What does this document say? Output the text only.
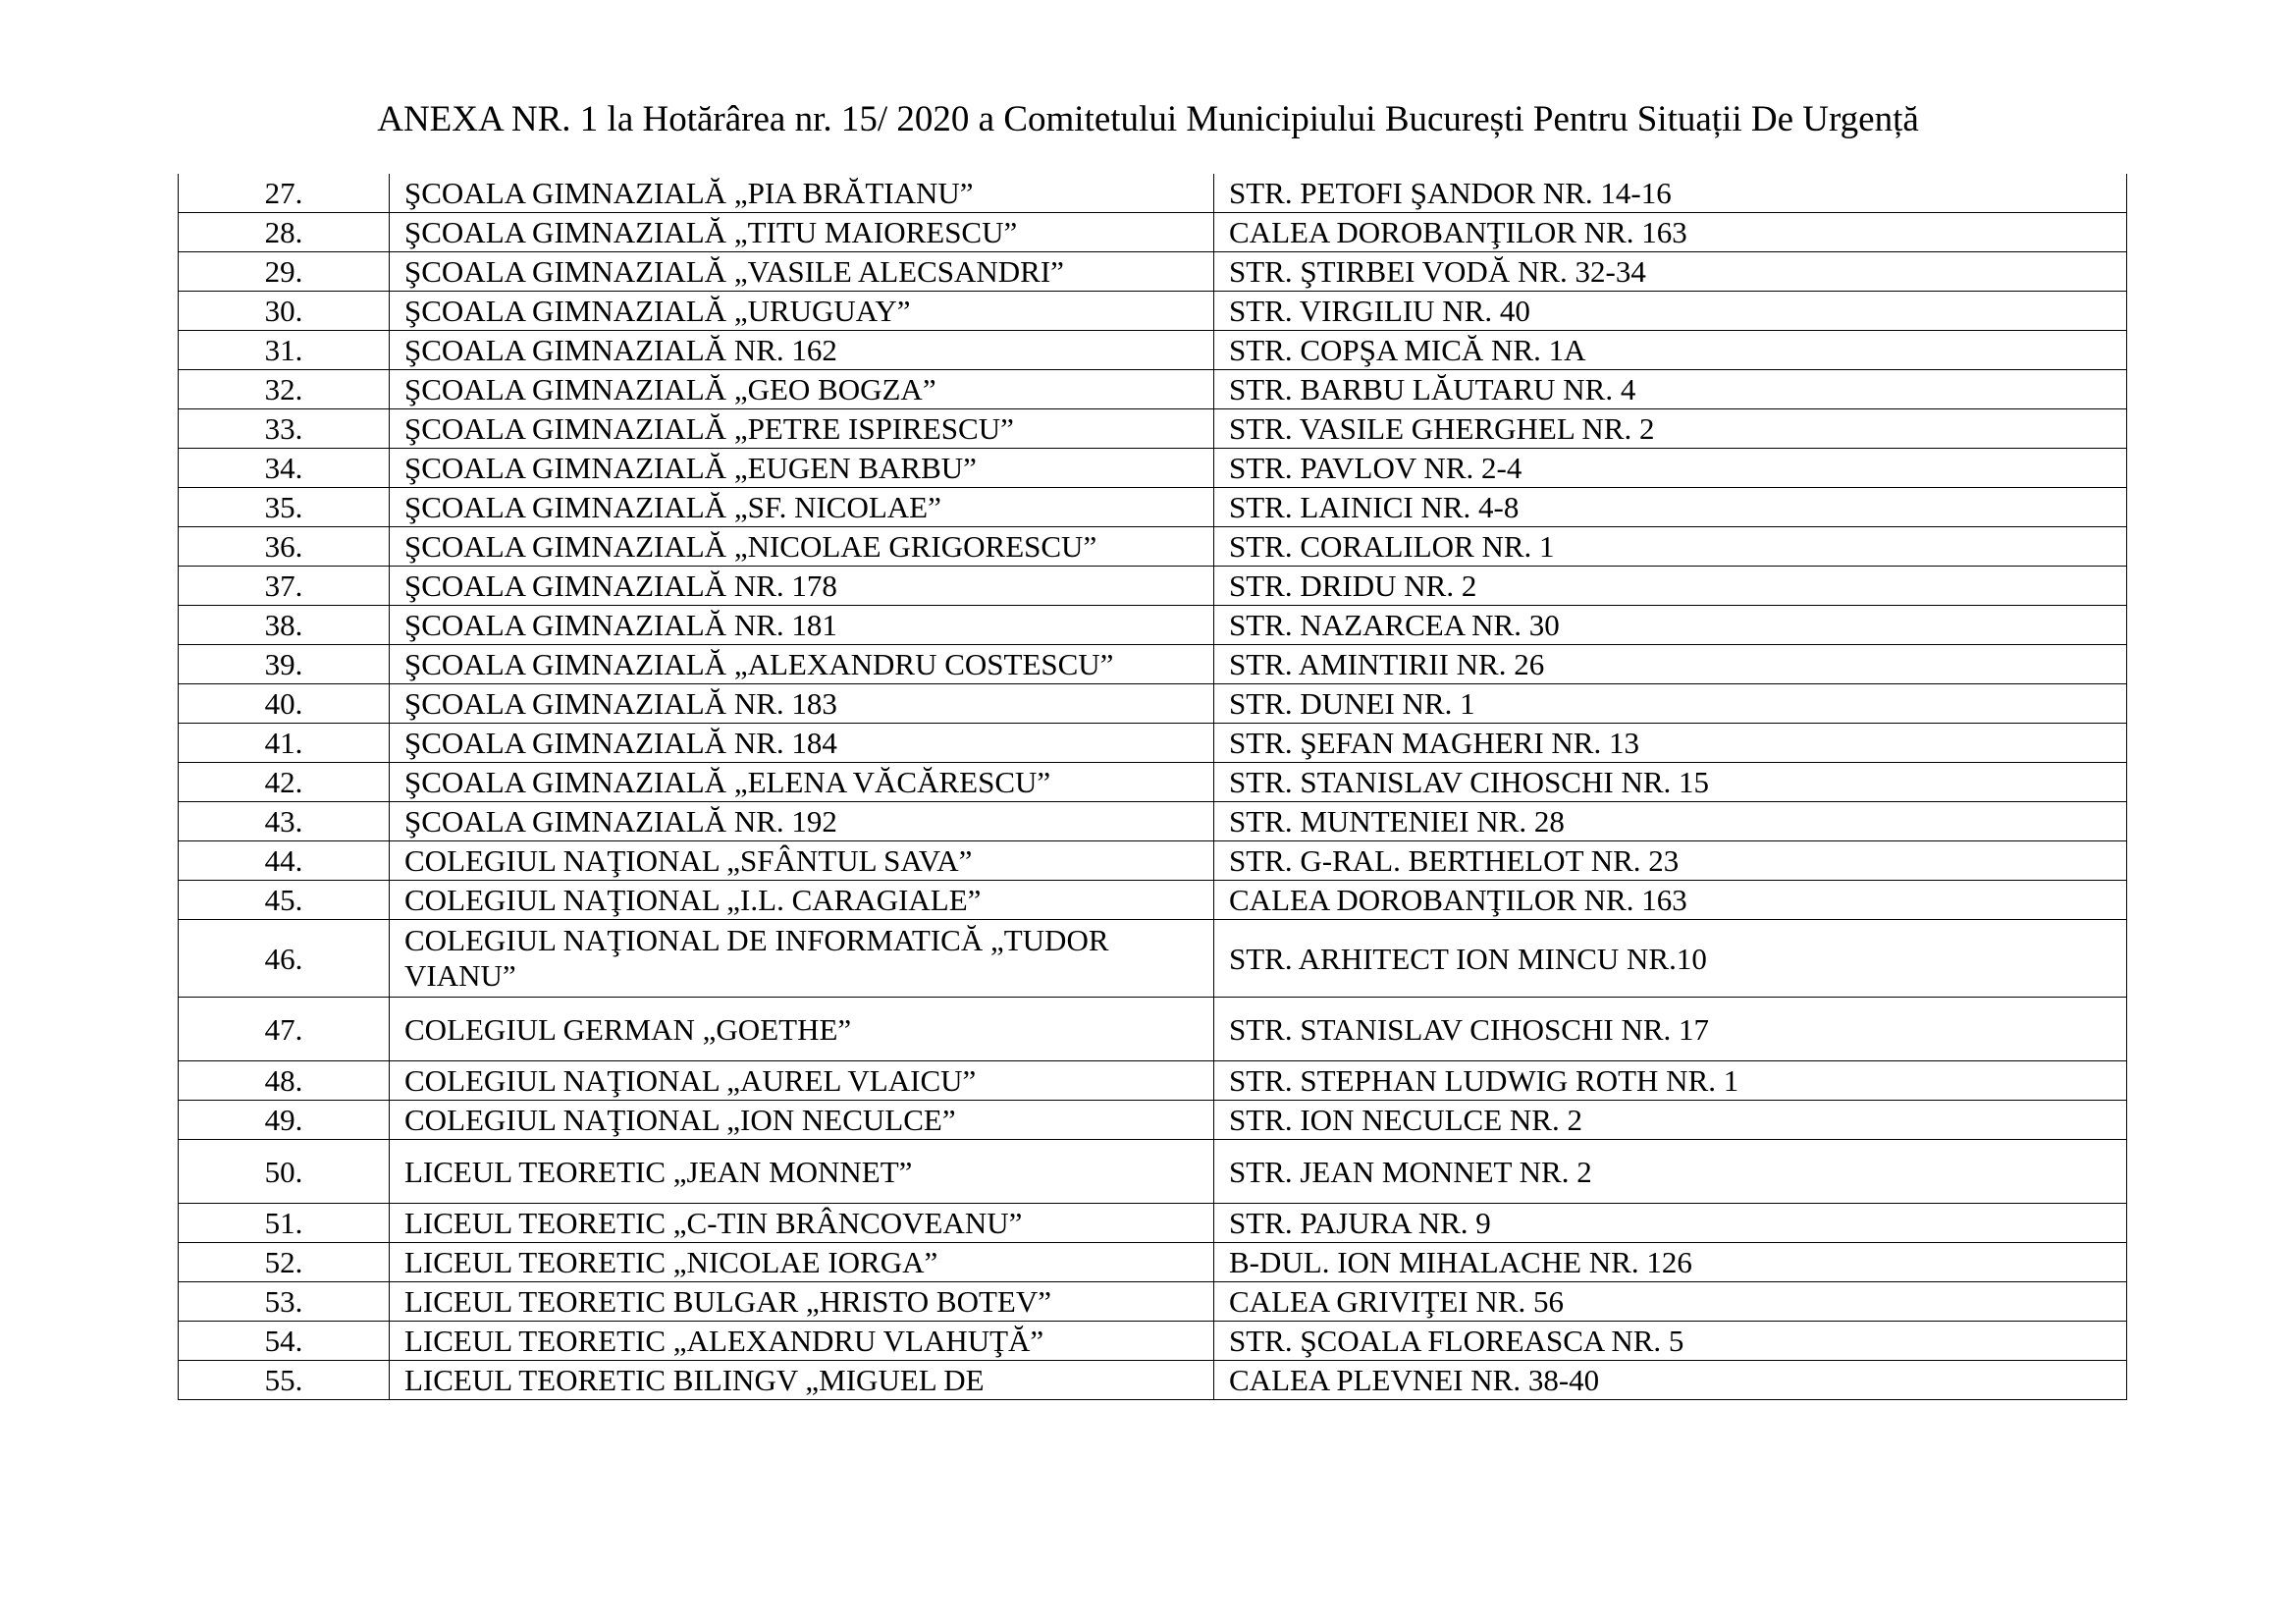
ANEXA NR. 1 la Hotărârea nr. 15/ 2020 a Comitetului Municipiului București Pentru Situații De Urgență
27.	ŞCOALA GIMNAZIALĂ „PIA BRĂTIANU”	STR. PETOFI ŞANDOR NR. 14-16
28.	ŞCOALA GIMNAZIALĂ „TITU MAIORESCU”	CALEA DOROBANŢILOR NR. 163
29.	ŞCOALA GIMNAZIALĂ „VASILE ALECSANDRI”	STR. ŞTIRBEI VODĂ NR. 32-34
30.	ŞCOALA GIMNAZIALĂ „URUGUAY”	STR. VIRGILIU NR. 40
31.	ŞCOALA GIMNAZIALĂ NR. 162	STR. COPŞA MICĂ NR. 1A
32.	ŞCOALA GIMNAZIALĂ „GEO BOGZA”	STR. BARBU LĂUTARU NR. 4
33.	ŞCOALA GIMNAZIALĂ „PETRE ISPIRESCU”	STR. VASILE GHERGHEL NR. 2
34.	ŞCOALA GIMNAZIALĂ „EUGEN BARBU”	STR. PAVLOV NR. 2-4
35.	ŞCOALA GIMNAZIALĂ „SF. NICOLAE”	STR. LAINICI NR. 4-8
36.	ŞCOALA GIMNAZIALĂ „NICOLAE GRIGORESCU”	STR. CORALILOR NR. 1
37.	ŞCOALA GIMNAZIALĂ NR. 178	STR. DRIDU NR. 2
38.	ŞCOALA GIMNAZIALĂ NR. 181	STR. NAZARCEA NR. 30
39.	ŞCOALA GIMNAZIALĂ „ALEXANDRU COSTESCU”	STR. AMINTIRII NR. 26
40.	ŞCOALA GIMNAZIALĂ NR. 183	STR. DUNEI NR. 1
41.	ŞCOALA GIMNAZIALĂ NR. 184	STR. ŞEFAN MAGHERI NR. 13
42.	ŞCOALA GIMNAZIALĂ „ELENA VĂCĂRESCU”	STR. STANISLAV CIHOSCHI NR. 15
43.	ŞCOALA GIMNAZIALĂ NR. 192	STR. MUNTENIEI NR. 28
44.	COLEGIUL NAŢIONAL „SFÂNTUL SAVA”	STR. G-RAL. BERTHELOT NR. 23
45.	COLEGIUL NAŢIONAL „I.L. CARAGIALE”	CALEA DOROBANŢILOR NR. 163
46.	COLEGIUL NAŢIONAL DE INFORMATICĂ „TUDOR VIANU”	STR. ARHITECT ION MINCU NR.10
47.	COLEGIUL GERMAN „GOETHE”	STR. STANISLAV CIHOSCHI NR. 17
48.	COLEGIUL NAŢIONAL „AUREL VLAICU”	STR. STEPHAN LUDWIG ROTH NR. 1
49.	COLEGIUL NAŢIONAL „ION NECULCE”	STR. ION NECULCE NR. 2
50.	LICEUL TEORETIC „JEAN MONNET”	STR. JEAN MONNET NR. 2
51.	LICEUL TEORETIC „C-TIN BRÂNCOVEANU”	STR. PAJURA NR. 9
52.	LICEUL TEORETIC „NICOLAE IORGA”	B-DUL. ION MIHALACHE NR. 126
53.	LICEUL TEORETIC BULGAR „HRISTO BOTEV”	CALEA GRIVIŢEI NR. 56
54.	LICEUL TEORETIC „ALEXANDRU VLAHUŢĂ”	STR. ŞCOALA FLOREASCA NR. 5
55.	LICEUL TEORETIC BILINGV „MIGUEL DE	CALEA PLEVNEI NR. 38-40
